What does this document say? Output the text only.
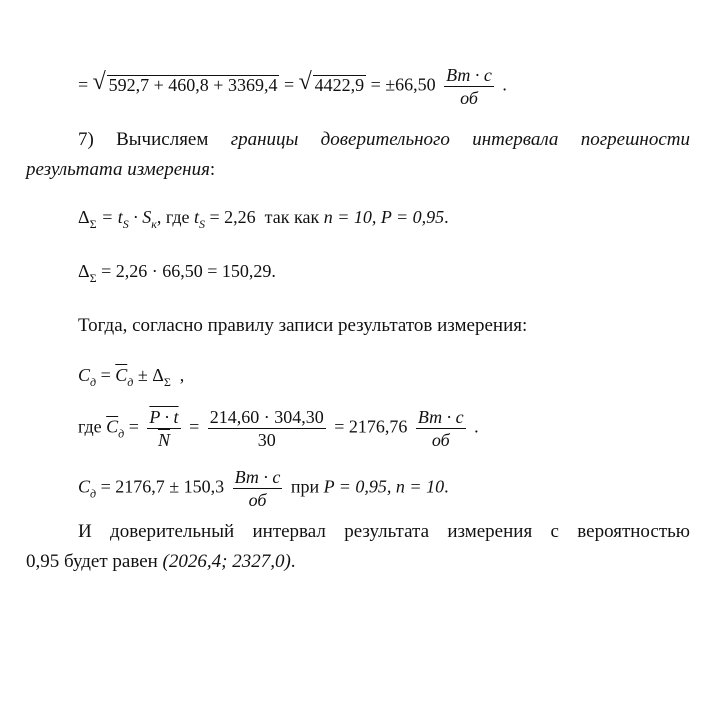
= √ 592,7 + 460,8 + 3369,4 = √ $4422,9 = \pm 66,50 \frac{Вт \cdot с}{об}$ .
7) Вычисляем границы доверительного интервала погрешности
результата измерения:
$\Delta_\Sigma = t_S \cdot S_к$, где $t_S = 2,26$ так как n = 10, P = 0,95.
$\Delta_\Sigma = 2,26 \cdot 66,50 = 150,29$.
Тогда, согласно правилу записи результатов измерения:
$C_д = \overline{C}_д \pm \Delta_\Sigma$ ,
где $\overline{C}_д = \frac{P \cdot t}{N} = \frac{214,60 \cdot 304,30}{30} = 2176,76 \frac{Вт \cdot с}{об}$ .
$C_д = 2176,7 \pm 150,3 \frac{Вт \cdot с}{об}$ при P = 0,95, n = 10.
И доверительный интервал результата измерения с вероятностью
0,95 будет равен (2026,4; 2327,0).
